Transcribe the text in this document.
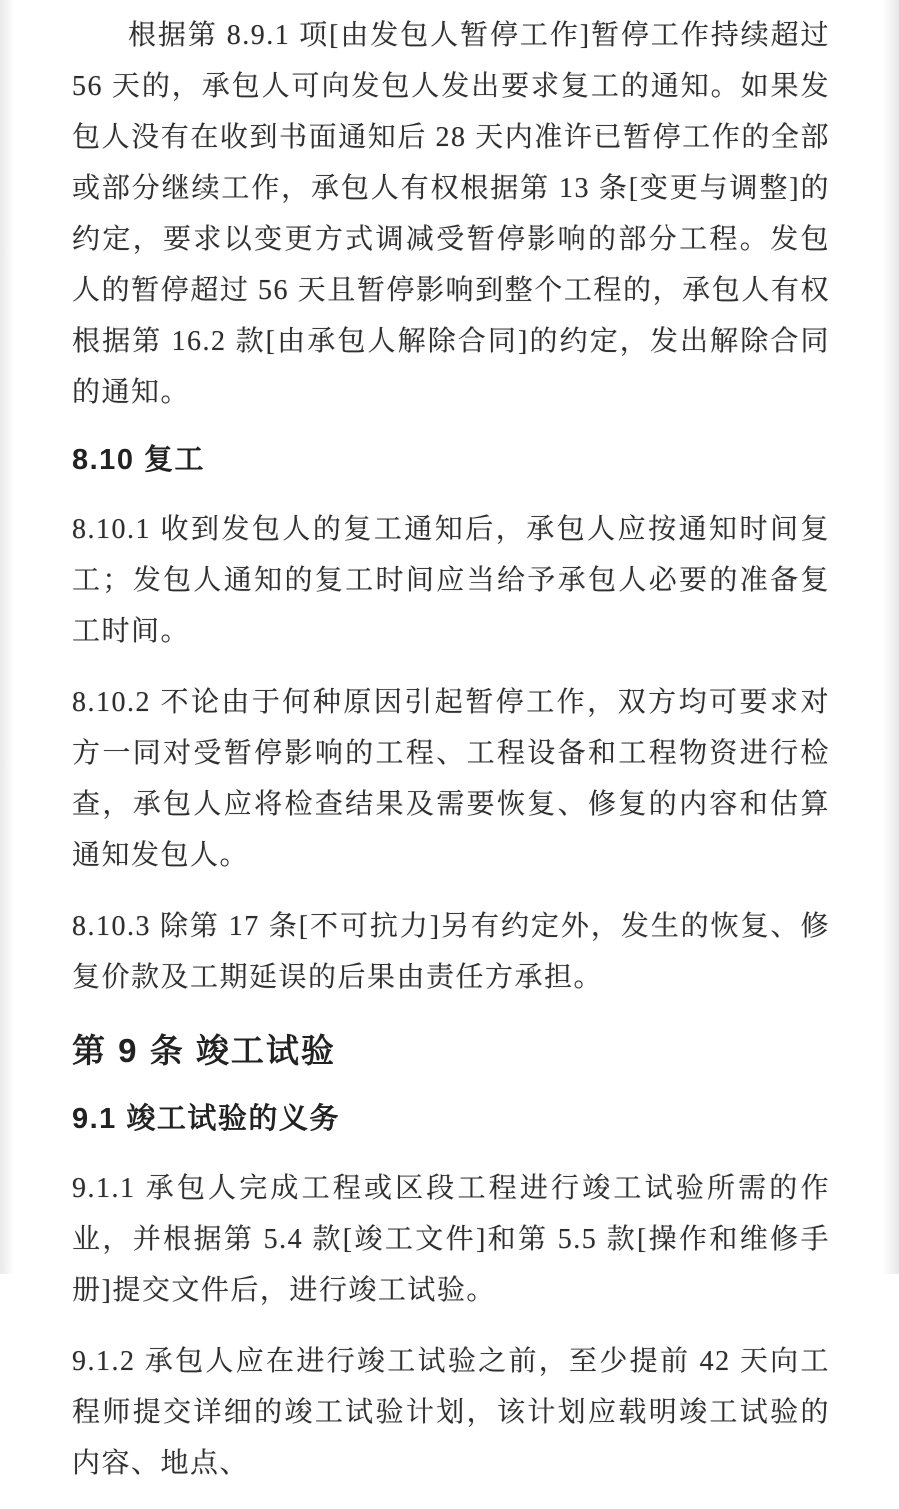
根据第 8.9.1 项[由发包人暂停工作]暂停工作持续超过 56 天的，承包人可向发包人发出要求复工的通知。如果发包人没有在收到书面通知后 28 天内准许已暂停工作的全部或部分继续工作，承包人有权根据第 13 条[变更与调整]的约定，要求以变更方式调减受暂停影响的部分工程。发包人的暂停超过 56 天且暂停影响到整个工程的，承包人有权根据第 16.2 款[由承包人解除合同]的约定，发出解除合同的通知。

8.10 复工

8.10.1 收到发包人的复工通知后，承包人应按通知时间复工；发包人通知的复工时间应当给予承包人必要的准备复工时间。

8.10.2 不论由于何种原因引起暂停工作，双方均可要求对方一同对受暂停影响的工程、工程设备和工程物资进行检查，承包人应将检查结果及需要恢复、修复的内容和估算通知发包人。

8.10.3 除第 17 条[不可抗力]另有约定外，发生的恢复、修复价款及工期延误的后果由责任方承担。

第 9 条 竣工试验
9.1 竣工试验的义务

9.1.1 承包人完成工程或区段工程进行竣工试验所需的作业，并根据第 5.4 款[竣工文件]和第 5.5 款[操作和维修手册]提交文件后，进行竣工试验。

9.1.2 承包人应在进行竣工试验之前，至少提前 42 天向工程师提交详细的竣工试验计划，该计划应载明竣工试验的内容、地点、
